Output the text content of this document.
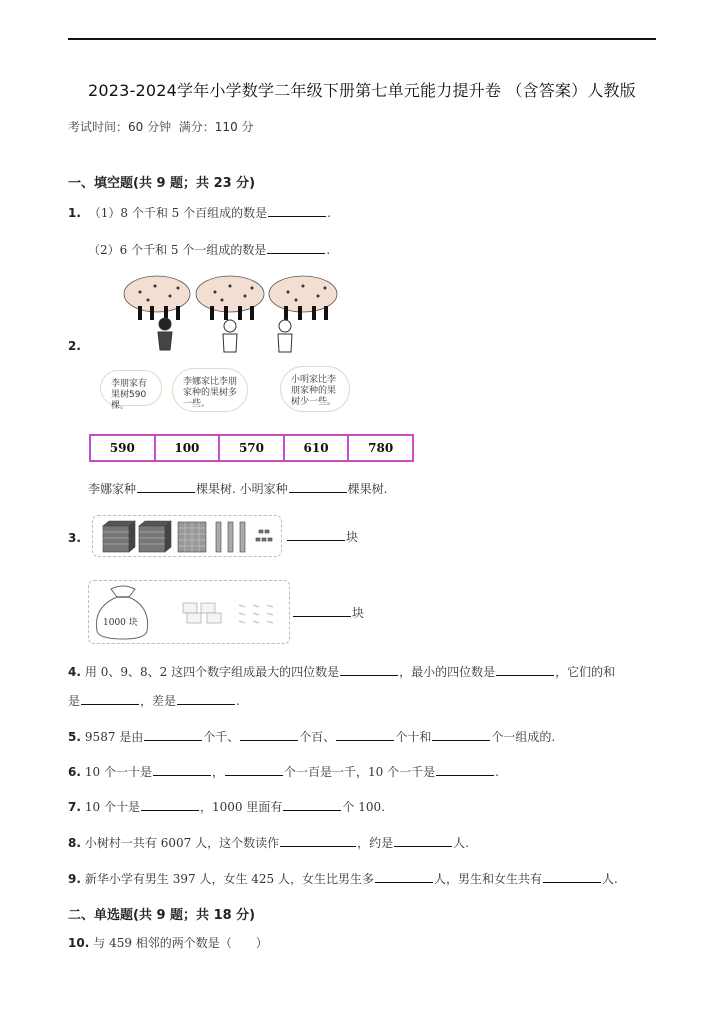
2023-2024学年小学数学二年级下册第七单元能力提升卷 （含答案）人教版
考试时间：60 分钟 满分：110 分
一、填空题(共 9 题；共 23 分)
1. （1）8 个千和 5 个百组成的数是	.
（2）6 个千和 5 个一组成的数是	.
2.
李朋家有果树590棵。
李娜家比李朋家种的果树多一些。
小明家比李朋家种的果树少一些。
590	100	570	610	780
李娜家种	棵果树. 小明家种	棵果树.
3.	块
1000 块
块
4. 用 0、9、8、2 这四个数字组成最大的四位数是	，最小的四位数是	，它们的和
是	，差是	.
5. 9587 是由	个千、	个百、	个十和	个一组成的.
6. 10 个一十是	，	个一百是一千，10 个一千是	.
7. 10 个十是	，1000 里面有	个 100.
8. 小树村一共有 6007 人，这个数读作	，约是	人.
9. 新华小学有男生 397 人，女生 425 人，女生比男生多	人，男生和女生共有	人.
二、单选题(共 9 题；共 18 分)
10. 与 459 相邻的两个数是（　　）
